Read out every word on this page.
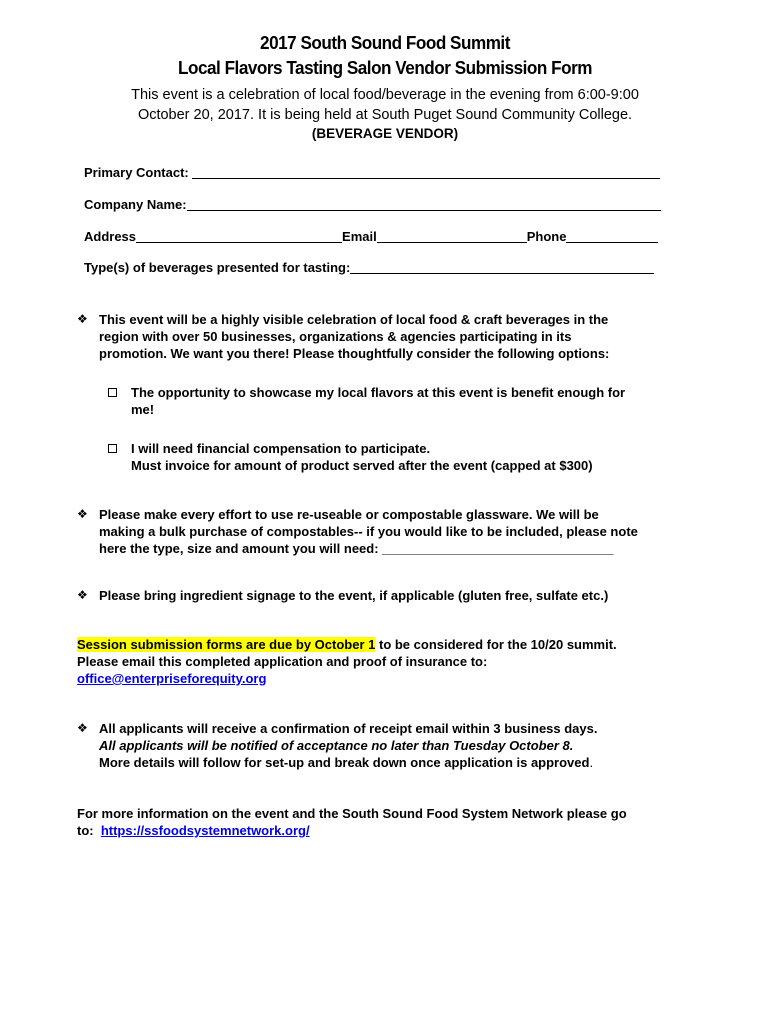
2017 South Sound Food Summit
Local Flavors Tasting Salon Vendor Submission Form
This event is a celebration of local food/beverage in the evening from 6:00-9:00
October 20, 2017. It is being held at South Puget Sound Community College.
(BEVERAGE VENDOR)
Primary Contact:
Company Name:
Address	Email	Phone
Type(s) of beverages presented for tasting:
❖ This event will be a highly visible celebration of local food & craft beverages in the
region with over 50 businesses, organizations & agencies participating in its
promotion. We want you there! Please thoughtfully consider the following options:
The opportunity to showcase my local flavors at this event is benefit enough for
me!
I will need financial compensation to participate.
Must invoice for amount of product served after the event (capped at $300)
❖ Please make every effort to use re-useable or compostable glassware. We will be
making a bulk purchase of compostables-- if you would like to be included, please note
here the type, size and amount you will need: ________________________________
❖ Please bring ingredient signage to the event, if applicable (gluten free, sulfate etc.)
Session submission forms are due by October 1 to be considered for the 10/20 summit.
Please email this completed application and proof of insurance to:
office@enterpriseforequity.org
❖ All applicants will receive a confirmation of receipt email within 3 business days.
All applicants will be notified of acceptance no later than Tuesday October 8.
More details will follow for set-up and break down once application is approved.
For more information on the event and the South Sound Food System Network please go
to:  https://ssfoodsystemnetwork.org/
